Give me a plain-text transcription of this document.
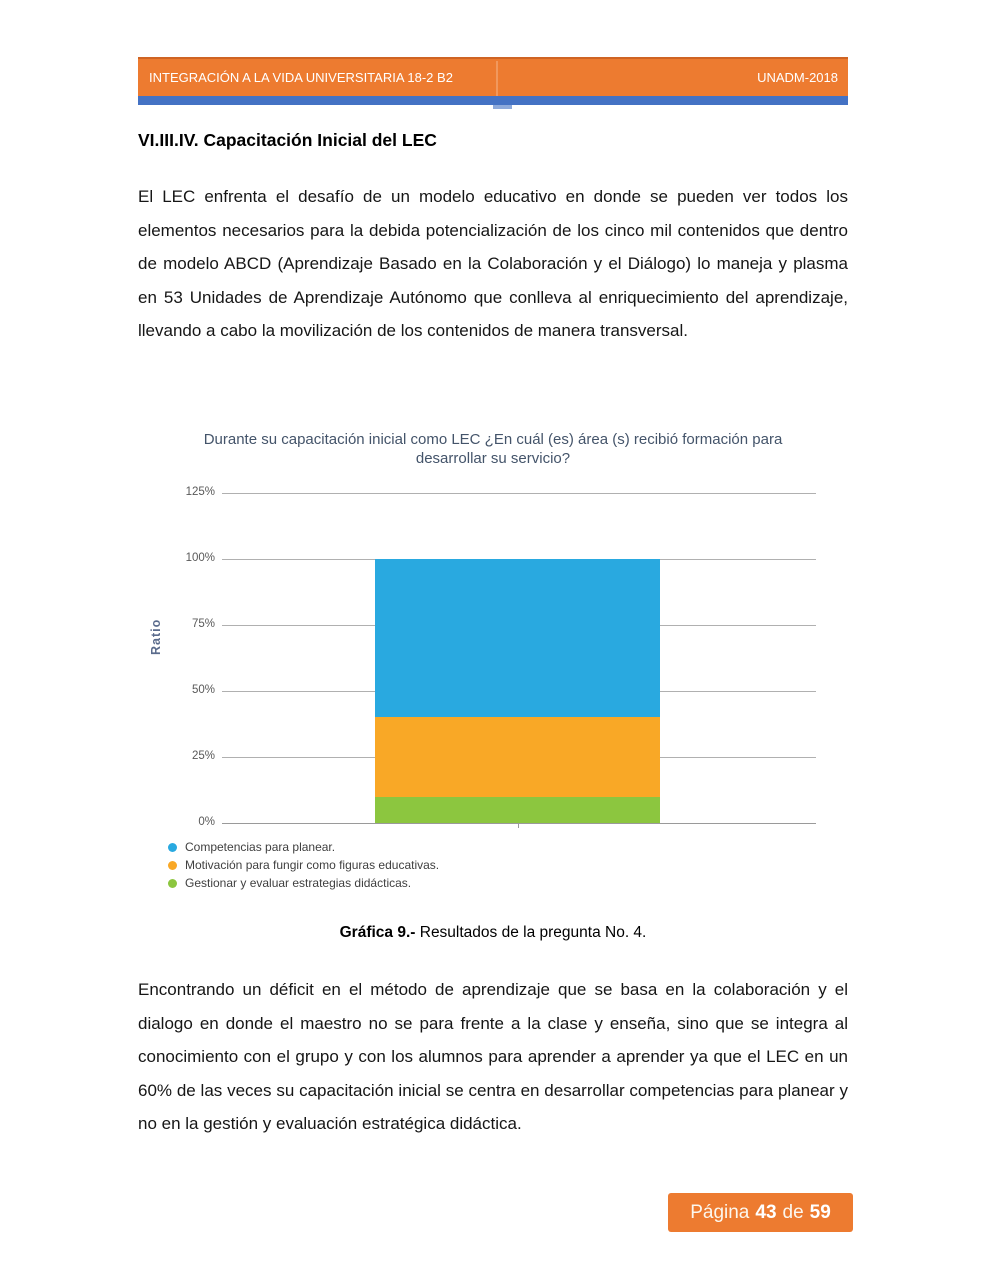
INTEGRACIÓN A LA VIDA UNIVERSITARIA 18-2 B2	UNADM-2018
VI.III.IV. Capacitación Inicial del LEC

El LEC enfrenta el desafío de un modelo educativo en donde se pueden ver todos los elementos necesarios para la debida potencialización de los cinco mil contenidos que dentro de modelo ABCD (Aprendizaje Basado en la Colaboración y el Diálogo) lo maneja y plasma en 53 Unidades de Aprendizaje Autónomo que conlleva al enriquecimiento del aprendizaje, llevando a cabo la movilización de los contenidos de manera transversal.

Durante su capacitación inicial como LEC ¿En cuál (es) área (s) recibió formación para desarrollar su servicio?
Ratio
0%
25%
50%
75%
100%
125%
Competencias para planear.
Motivación para fungir como figuras educativas.
Gestionar y evaluar estrategias didácticas.

Gráfica 9.- Resultados de la pregunta No. 4.

Encontrando un déficit en el método de aprendizaje que se basa en la colaboración y el dialogo en donde el maestro no se para frente a la clase y enseña, sino que se integra al conocimiento con el grupo y con los alumnos para aprender a aprender ya que el LEC en un 60% de las veces su capacitación inicial se centra en desarrollar competencias para planear y no en la gestión y evaluación estratégica didáctica.

Página 43 de 59
